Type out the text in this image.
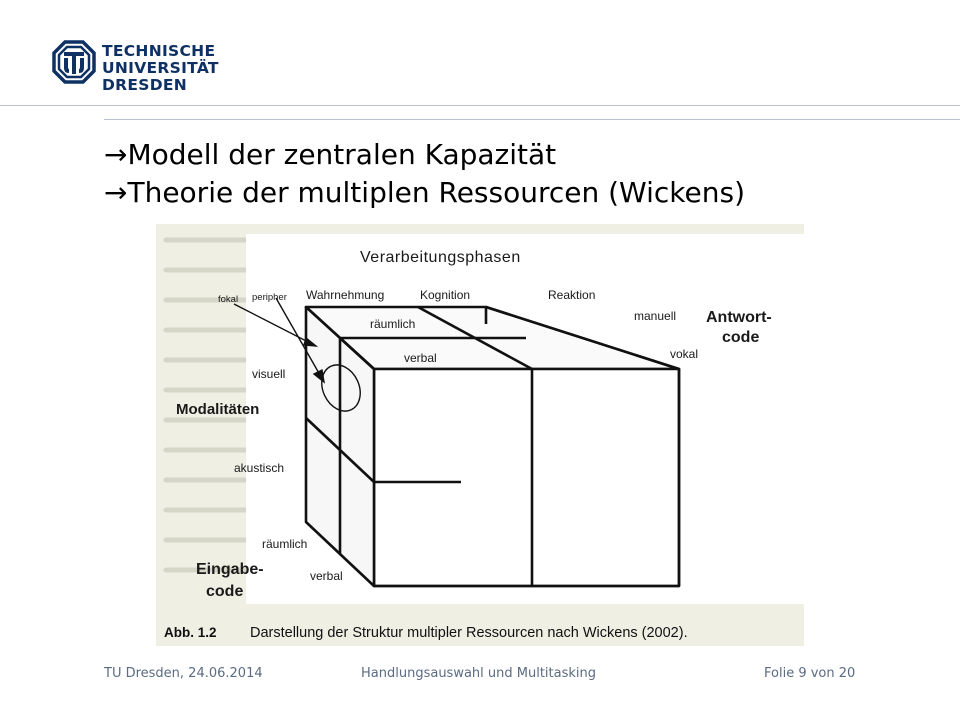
TECHNISCHE
UNIVERSITÄT
DRESDEN
→Modell der zentralen Kapazität
→Theorie der multiplen Ressourcen (Wickens)
Verarbeitungsphasen
Wahrnehmung	Kognition	Reaktion
fokal peripher
räumlich
verbal
manuell
vokal
Antwort-
code
visuell
Modalitäten
akustisch
räumlich
Eingabe-
code
verbal
Abb. 1.2 Darstellung der Struktur multipler Ressourcen nach Wickens (2002).
TU Dresden, 24.06.2014	Handlungsauswahl und Multitasking	Folie 9 von 20
